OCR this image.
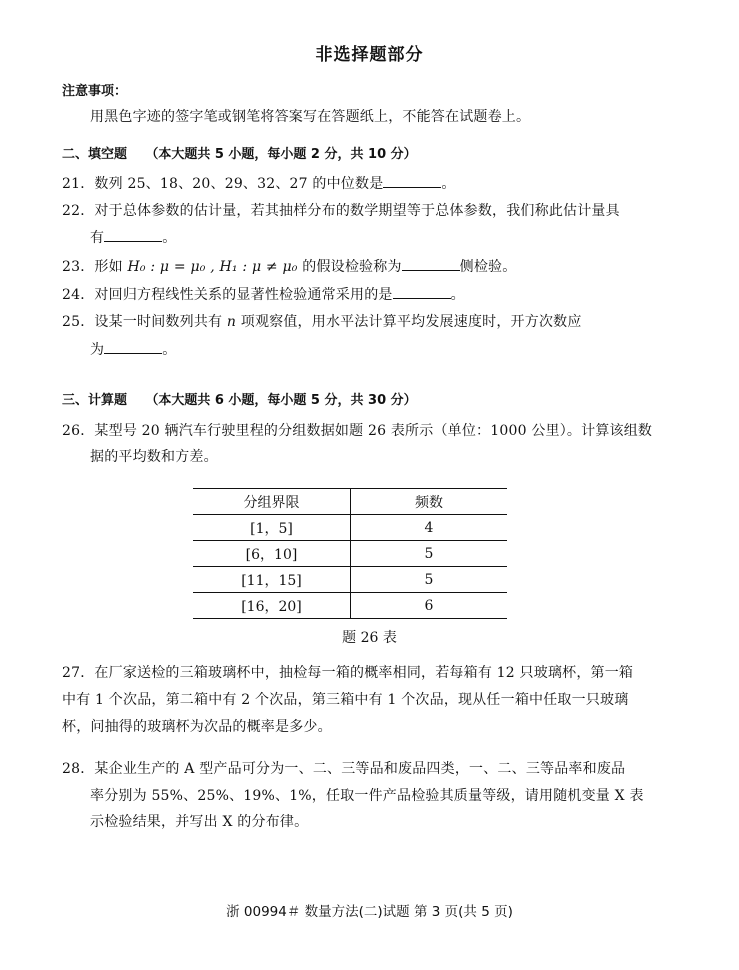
非选择题部分
注意事项：
用黑色字迹的签字笔或钢笔将答案写在答题纸上，不能答在试题卷上。
二、填空题 （本大题共 5 小题，每小题 2 分，共 10 分）
21．数列 25、18、20、29、32、27 的中位数是	。
22．对于总体参数的估计量，若其抽样分布的数学期望等于总体参数，我们称此估计量具
有	。
23．形如 H₀ : μ = μ₀ , H₁ : μ ≠ μ₀ 的假设检验称为	侧检验。
24．对回归方程线性关系的显著性检验通常采用的是	。
25．设某一时间数列共有 n 项观察值，用水平法计算平均发展速度时，开方次数应
为	。
三、计算题 （本大题共 6 小题，每小题 5 分，共 30 分）
26．某型号 20 辆汽车行驶里程的分组数据如题 26 表所示（单位：1000 公里）。计算该组数
据的平均数和方差。
分组界限	频数
[1，5]	4
[6，10]	5
[11，15]	5
[16，20]	6
题 26 表
27．在厂家送检的三箱玻璃杯中，抽检每一箱的概率相同，若每箱有 12 只玻璃杯，第一箱
中有 1 个次品，第二箱中有 2 个次品，第三箱中有 1 个次品，现从任一箱中任取一只玻璃
杯，问抽得的玻璃杯为次品的概率是多少。
28．某企业生产的 A 型产品可分为一、二、三等品和废品四类，一、二、三等品率和废品
率分别为 55%、25%、19%、1%，任取一件产品检验其质量等级，请用随机变量 X 表
示检验结果，并写出 X 的分布律。
浙 00994＃ 数量方法(二)试题 第 3 页(共 5 页)
